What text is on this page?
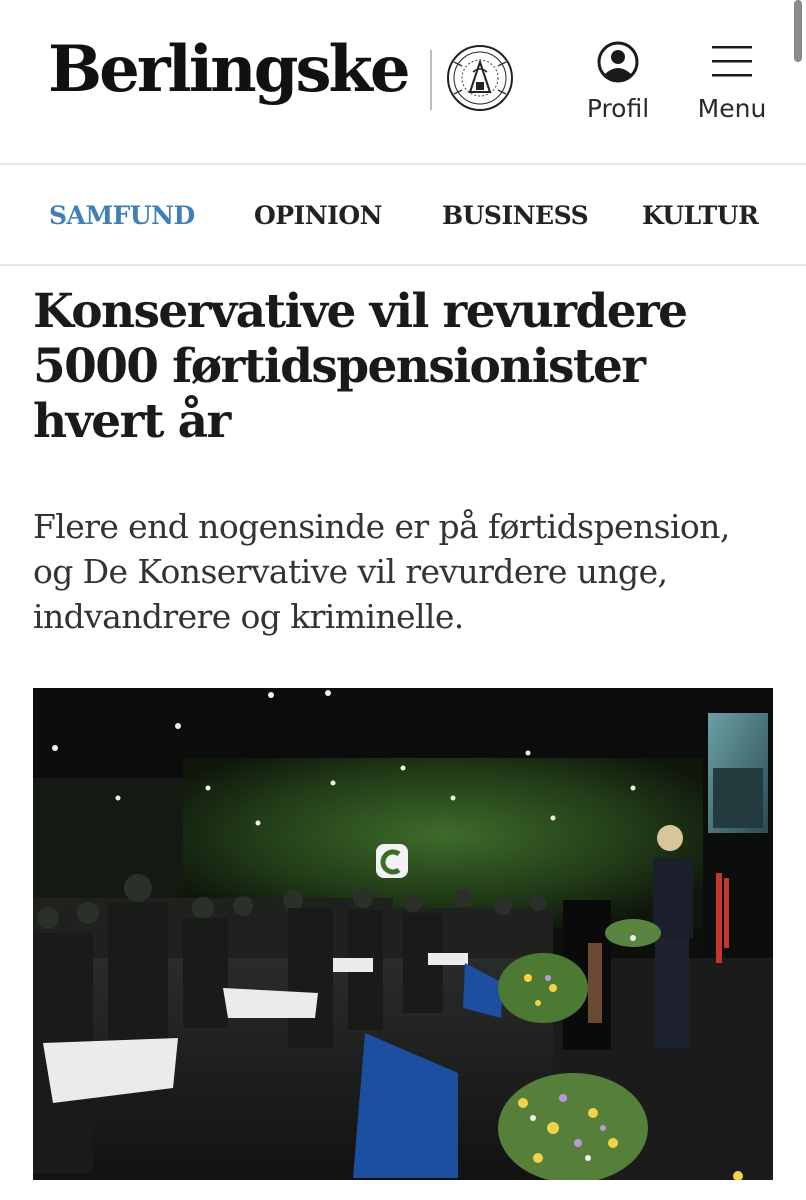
Berlingske
Profil Menu
SAMFUND OPINION BUSINESS KULTUR
Konservative vil revurdere 5000 førtidspensionister hvert år

Flere end nogensinde er på førtidspension, og De Konservative vil revurdere unge, indvandrere og kriminelle.
